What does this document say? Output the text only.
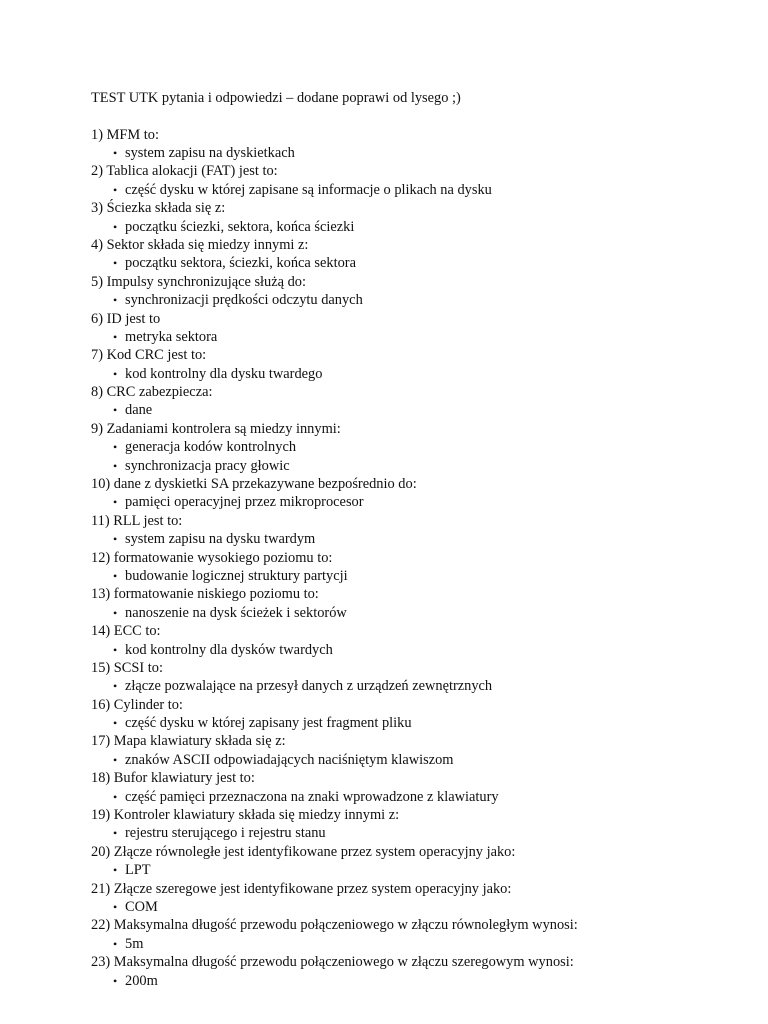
TEST UTK pytania i odpowiedzi – dodane poprawi od lysego ;)
1) MFM to:
• system zapisu na dyskietkach
2) Tablica alokacji (FAT) jest to:
• część dysku w której zapisane są informacje o plikach na dysku
3) Ściezka składa się z:
• początku ściezki, sektora, końca ściezki
4) Sektor składa się miedzy innymi z:
• początku sektora, ściezki, końca sektora
5) Impulsy synchronizujące służą do:
• synchronizacji prędkości odczytu danych
6) ID jest to
• metryka sektora
7) Kod CRC jest to:
• kod kontrolny dla dysku twardego
8) CRC zabezpiecza:
• dane
9) Zadaniami kontrolera są miedzy innymi:
• generacja kodów kontrolnych
• synchronizacja pracy głowic
10) dane z dyskietki SA przekazywane bezpośrednio do:
• pamięci operacyjnej przez mikroprocesor
11) RLL jest to:
• system zapisu na dysku twardym
12) formatowanie wysokiego poziomu to:
• budowanie logicznej struktury partycji
13) formatowanie niskiego poziomu to:
• nanoszenie na dysk ścieżek i sektorów
14) ECC to:
• kod kontrolny dla dysków twardych
15) SCSI to:
• złącze pozwalające na przesył danych z urządzeń zewnętrznych
16) Cylinder to:
• część dysku w której zapisany jest fragment pliku
17) Mapa klawiatury składa się z:
• znaków ASCII odpowiadających naciśniętym klawiszom
18) Bufor klawiatury jest to:
• część pamięci przeznaczona na znaki wprowadzone z klawiatury
19) Kontroler klawiatury składa się miedzy innymi z:
• rejestru sterującego i rejestru stanu
20) Złącze równoległe jest identyfikowane przez system operacyjny jako:
• LPT
21) Złącze szeregowe jest identyfikowane przez system operacyjny jako:
• COM
22) Maksymalna długość przewodu połączeniowego w złączu równoległym wynosi:
• 5m
23) Maksymalna długość przewodu połączeniowego w złączu szeregowym wynosi:
• 200m
